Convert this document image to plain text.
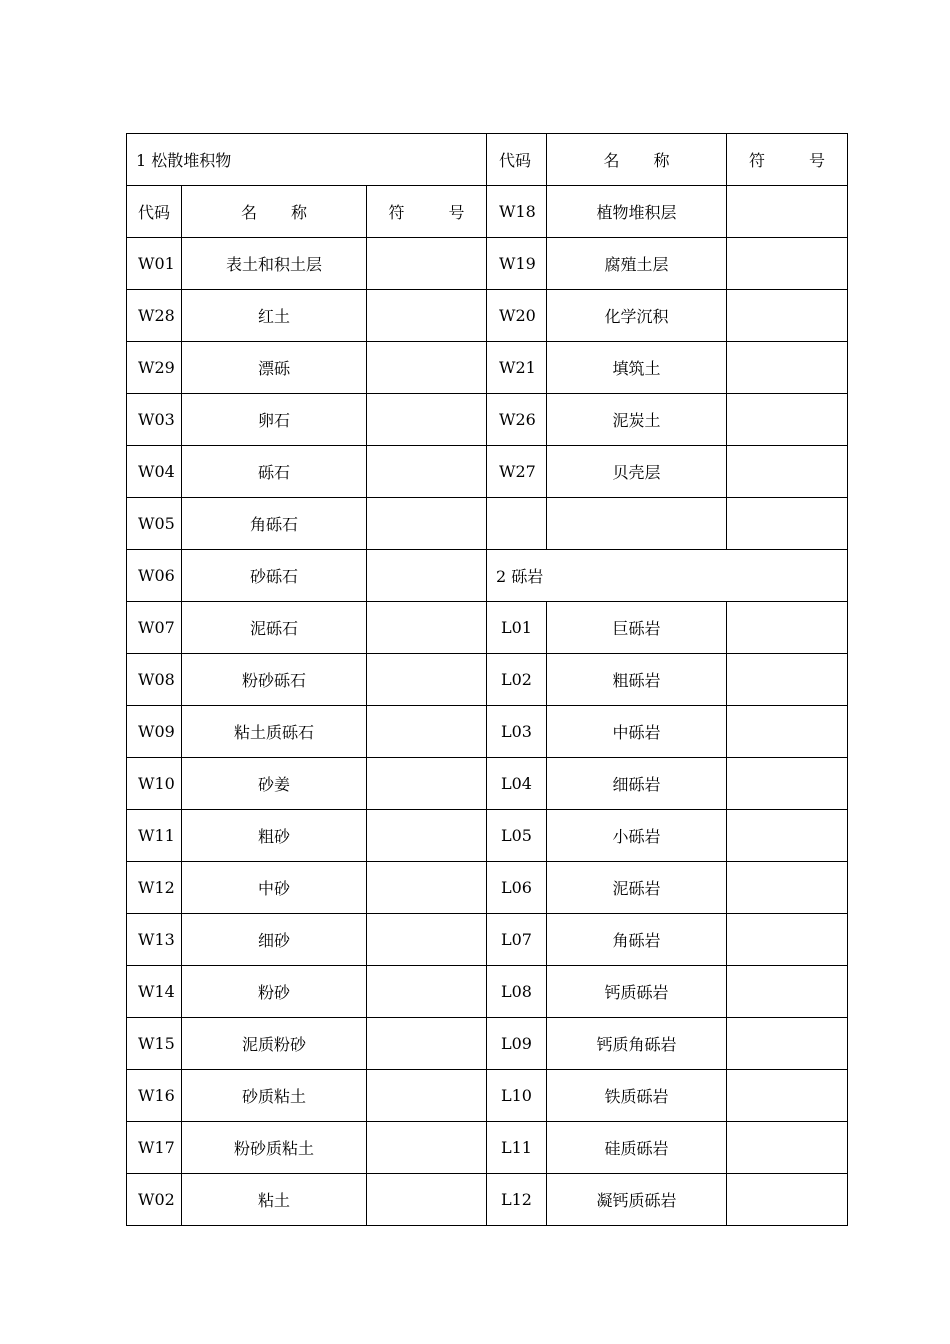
1 松散堆积物			代码	名 称	符 号
代码	名 称	符 号	W18	植物堆积层	
W01	表土和积土层		W19	腐殖土层	
W28	红土		W20	化学沉积	
W29	漂砾		W21	填筑土	
W03	卵石		W26	泥炭土	
W04	砾石		W27	贝壳层	
W05	角砾石				
W06	砂砾石		2 砾岩		
W07	泥砾石		L01	巨砾岩	
W08	粉砂砾石		L02	粗砾岩	
W09	粘土质砾石		L03	中砾岩	
W10	砂姜		L04	细砾岩	
W11	粗砂		L05	小砾岩	
W12	中砂		L06	泥砾岩	
W13	细砂		L07	角砾岩	
W14	粉砂		L08	钙质砾岩	
W15	泥质粉砂		L09	钙质角砾岩	
W16	砂质粘土		L10	铁质砾岩	
W17	粉砂质粘土		L11	硅质砾岩	
W02	粘土		L12	凝钙质砾岩	
